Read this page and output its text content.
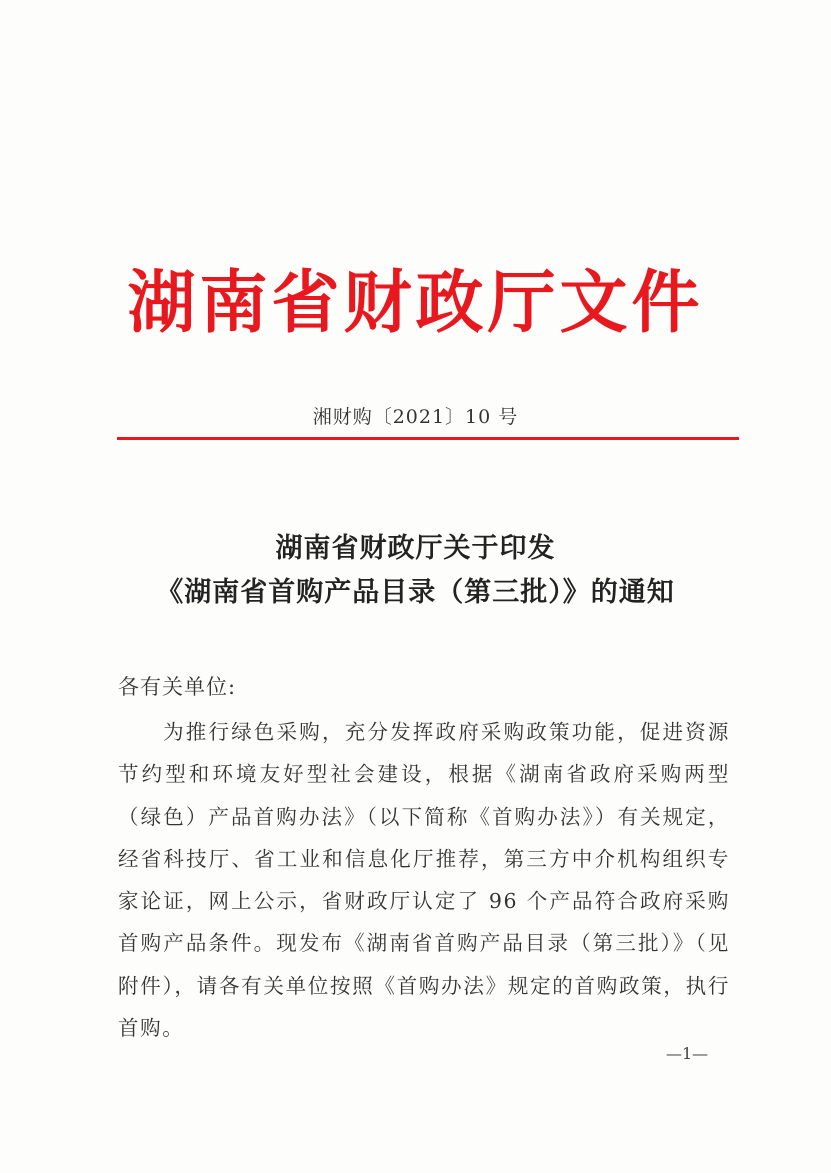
湖南省财政厅文件
湘财购〔2021〕10 号
湖南省财政厅关于印发
《湖南省首购产品目录（第三批）》的通知
各有关单位:
为推行绿色采购，充分发挥政府采购政策功能，促进资源节约型和环境友好型社会建设，根据《湖南省政府采购两型（绿色）产品首购办法》（以下简称《首购办法》）有关规定，经省科技厅、省工业和信息化厅推荐，第三方中介机构组织专家论证，网上公示，省财政厅认定了 96 个产品符合政府采购首购产品条件。现发布《湖南省首购产品目录（第三批）》（见附件），请各有关单位按照《首购办法》规定的首购政策，执行首购。
—1—
